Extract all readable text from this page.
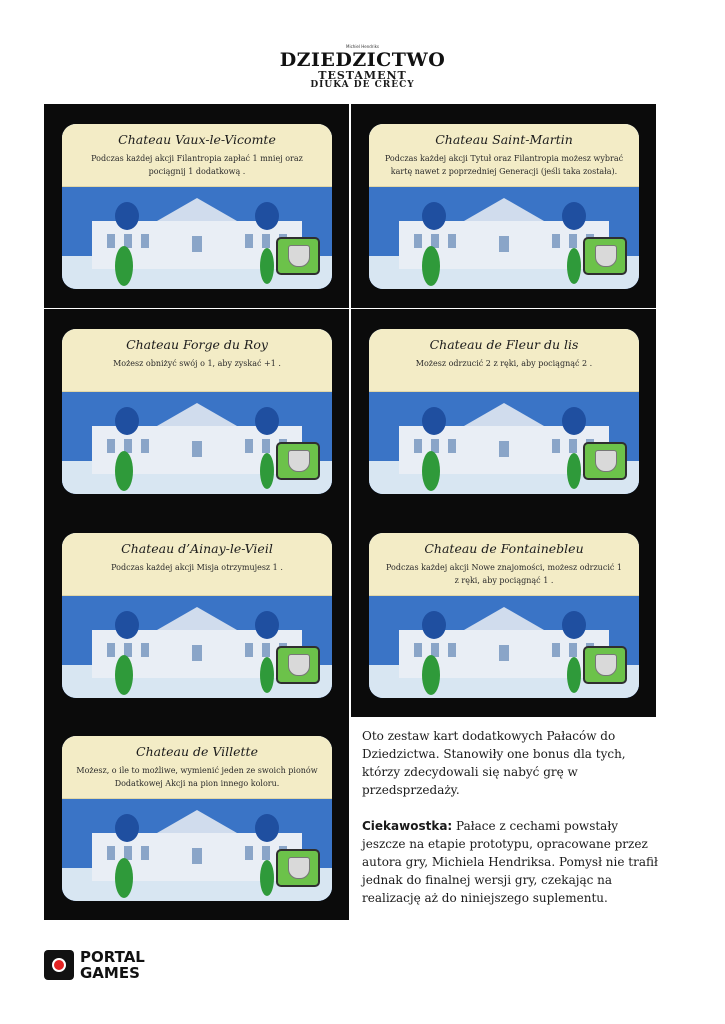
Michiel Hendriks
DZIEDZICTWO
TESTAMENT
DIUKA DE CRÉCY
Chateau Vaux-le-Vicomte
Podczas każdej akcji Filantropia zapłać 1 mniej oraz pociągnij 1 dodatkową .
Chateau Saint-Martin
Podczas każdej akcji Tytuł oraz Filantropia możesz wybrać kartę nawet z poprzedniej Generacji (jeśli taka została).
Chateau Forge du Roy
Możesz obniżyć swój o 1, aby zyskać +1 .
Chateau de Fleur du lis
Możesz odrzucić 2 z ręki, aby pociągnąć 2 .
Chateau d’Ainay-le-Vieil
Podczas każdej akcji Misja otrzymujesz 1 .
Chateau de Fontainebleu
Podczas każdej akcji Nowe znajomości, możesz odrzucić 1 z ręki, aby pociągnąć 1 .
Chateau de Villette
Możesz, o ile to możliwe, wymienić jeden ze swoich pionów Dodatkowej Akcji na pion innego koloru.

Oto zestaw kart dodatkowych Pałaców do Dziedzictwa. Stanowiły one bonus dla tych, którzy zdecydowali się nabyć grę w przedsprzedaży.

Ciekawostka: Pałace z cechami powstały jeszcze na etapie prototypu, opracowane przez autora gry, Michiela Hendriksa. Pomysł nie trafił jednak do finalnej wersji gry, czekając na realizację aż do niniejszego suplementu.

PORTAL
GAMES
